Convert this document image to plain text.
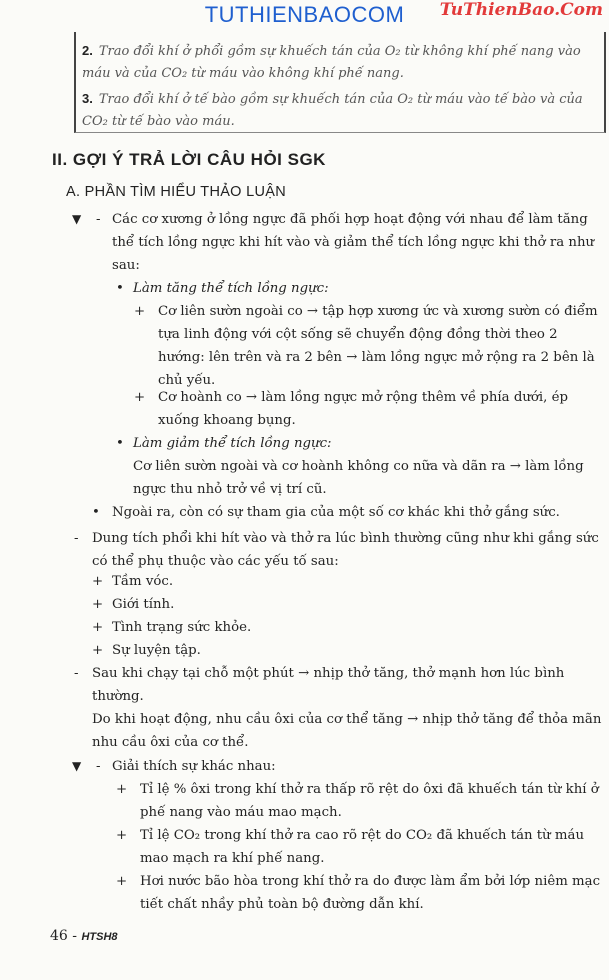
TUTHIENBAOCOM	TuThienBao.Com
2. Trao đổi khí ở phổi gồm sự khuếch tán của O₂ từ không khí phế nang vào máu và của CO₂ từ máu vào không khí phế nang.
3. Trao đổi khí ở tế bào gồm sự khuếch tán của O₂ từ máu vào tế bào và của CO₂ từ tế bào vào máu.
II. GỢI Ý TRẢ LỜI CÂU HỎI SGK
A. PHẦN TÌM HIỂU THẢO LUẬN
▼ - Các cơ xương ở lồng ngực đã phối hợp hoạt động với nhau để làm tăng thể tích lồng ngực khi hít vào và giảm thể tích lồng ngực khi thở ra như sau:
• Làm tăng thể tích lồng ngực:
+ Cơ liên sườn ngoài co → tập hợp xương ức và xương sườn có điểm tựa linh động với cột sống sẽ chuyển động đồng thời theo 2 hướng: lên trên và ra 2 bên → làm lồng ngực mở rộng ra 2 bên là chủ yếu.
+ Cơ hoành co → làm lồng ngực mở rộng thêm về phía dưới, ép xuống khoang bụng.
• Làm giảm thể tích lồng ngực:
Cơ liên sườn ngoài và cơ hoành không co nữa và dãn ra → làm lồng ngực thu nhỏ trở về vị trí cũ.
• Ngoài ra, còn có sự tham gia của một số cơ khác khi thở gắng sức.
- Dung tích phổi khi hít vào và thở ra lúc bình thường cũng như khi gắng sức có thể phụ thuộc vào các yếu tố sau:
+ Tầm vóc.
+ Giới tính.
+ Tình trạng sức khỏe.
+ Sự luyện tập.
- Sau khi chạy tại chỗ một phút → nhịp thở tăng, thở mạnh hơn lúc bình thường.
Do khi hoạt động, nhu cầu ôxi của cơ thể tăng → nhịp thở tăng để thỏa mãn nhu cầu ôxi của cơ thể.
▼ - Giải thích sự khác nhau:
+ Tỉ lệ % ôxi trong khí thở ra thấp rõ rệt do ôxi đã khuếch tán từ khí ở phế nang vào máu mao mạch.
+ Tỉ lệ CO₂ trong khí thở ra cao rõ rệt do CO₂ đã khuếch tán từ máu mao mạch ra khí phế nang.
+ Hơi nước bão hòa trong khí thở ra do được làm ẩm bởi lớp niêm mạc tiết chất nhầy phủ toàn bộ đường dẫn khí.
46 - HTSH8
